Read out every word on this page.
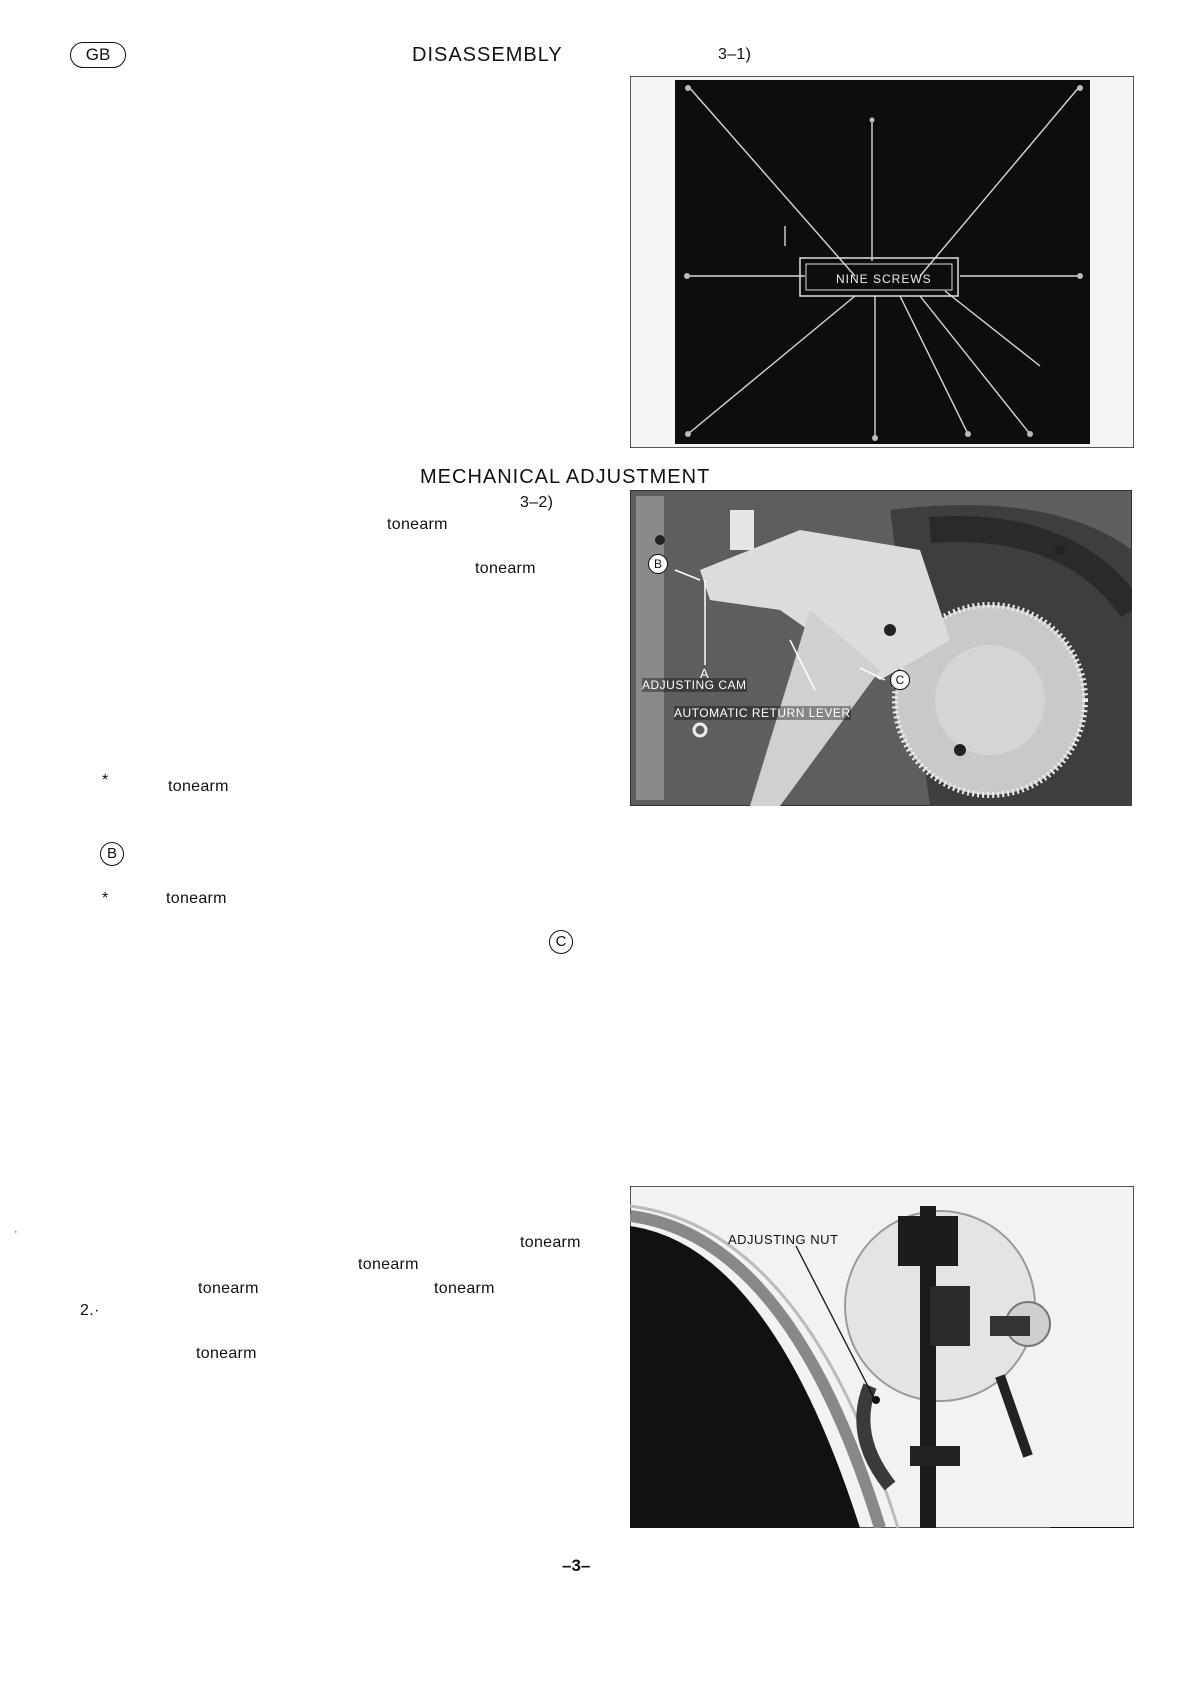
GB	DISASSEMBLY	3–1)
NINE SCREWS
MECHANICAL ADJUSTMENT
3–2)
tonearm
tonearm
*	tonearm
B
*	tonearm
C
B
A	C
ADJUSTING CAM
AUTOMATIC RETURN LEVER
·
tonearm
tonearm
tonearm	tonearm
2.·
tonearm
ADJUSTING NUT
–3–
